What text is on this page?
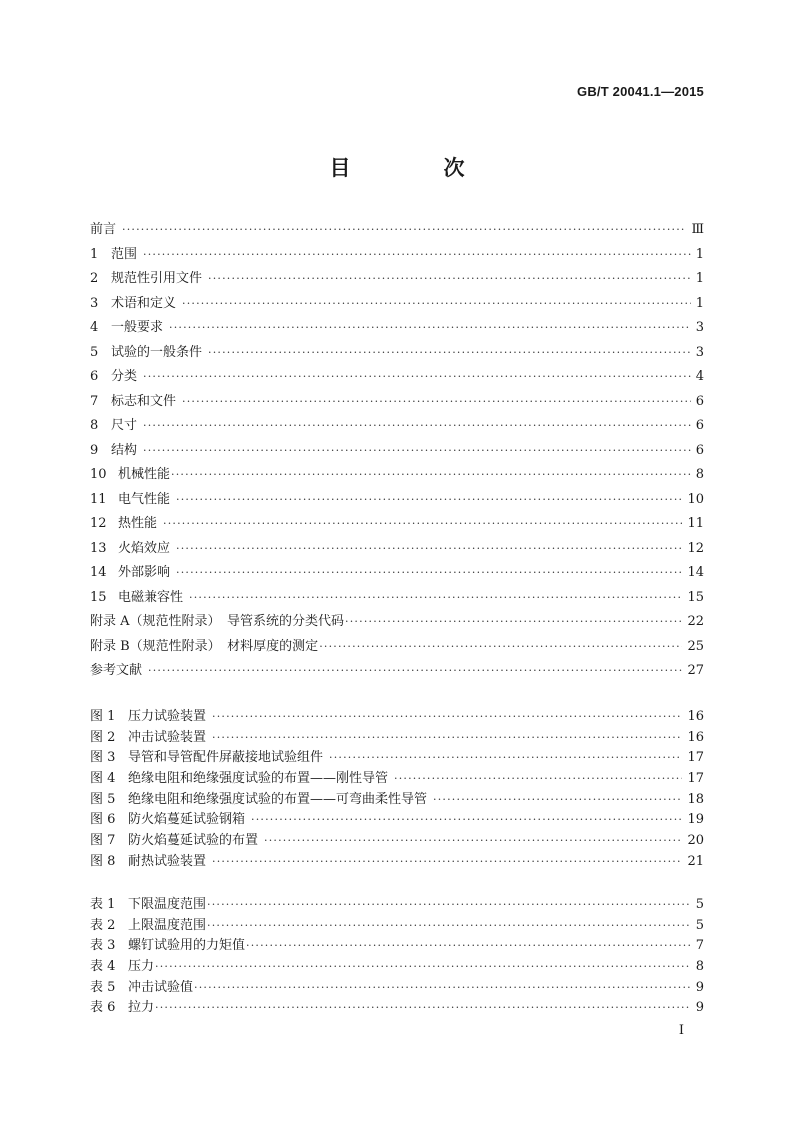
GB/T 20041.1—2015
目　次
前言 ·····	Ⅲ
1 范围 ·····	1
2 规范性引用文件 ·····	1
3 术语和定义 ·····	1
4 一般要求 ·····	3
5 试验的一般条件 ·····	3
6 分类 ·····	4
7 标志和文件 ·····	6
8 尺寸 ·····	6
9 结构 ·····	6
10 机械性能 ·····	8
11 电气性能 ·····	10
12 热性能 ·····	11
13 火焰效应 ·····	12
14 外部影响 ·····	14
15 电磁兼容性 ·····	15
附录 A（规范性附录）　导管系统的分类代码 ·····	22
附录 B（规范性附录）　材料厚度的测定 ·····	25
参考文献 ·····	27
图 1 压力试验装置 ·····	16
图 2 冲击试验装置 ·····	16
图 3 导管和导管配件屏蔽接地试验组件 ·····	17
图 4 绝缘电阻和绝缘强度试验的布置——刚性导管 ·····	17
图 5 绝缘电阻和绝缘强度试验的布置——可弯曲柔性导管 ·····	18
图 6 防火焰蔓延试验钢箱 ·····	19
图 7 防火焰蔓延试验的布置 ·····	20
图 8 耐热试验装置 ·····	21
表 1 下限温度范围 ·····	5
表 2 上限温度范围 ·····	5
表 3 螺钉试验用的力矩值 ·····	7
表 4 压力 ·····	8
表 5 冲击试验值 ·····	9
表 6 拉力 ·····	9
I
